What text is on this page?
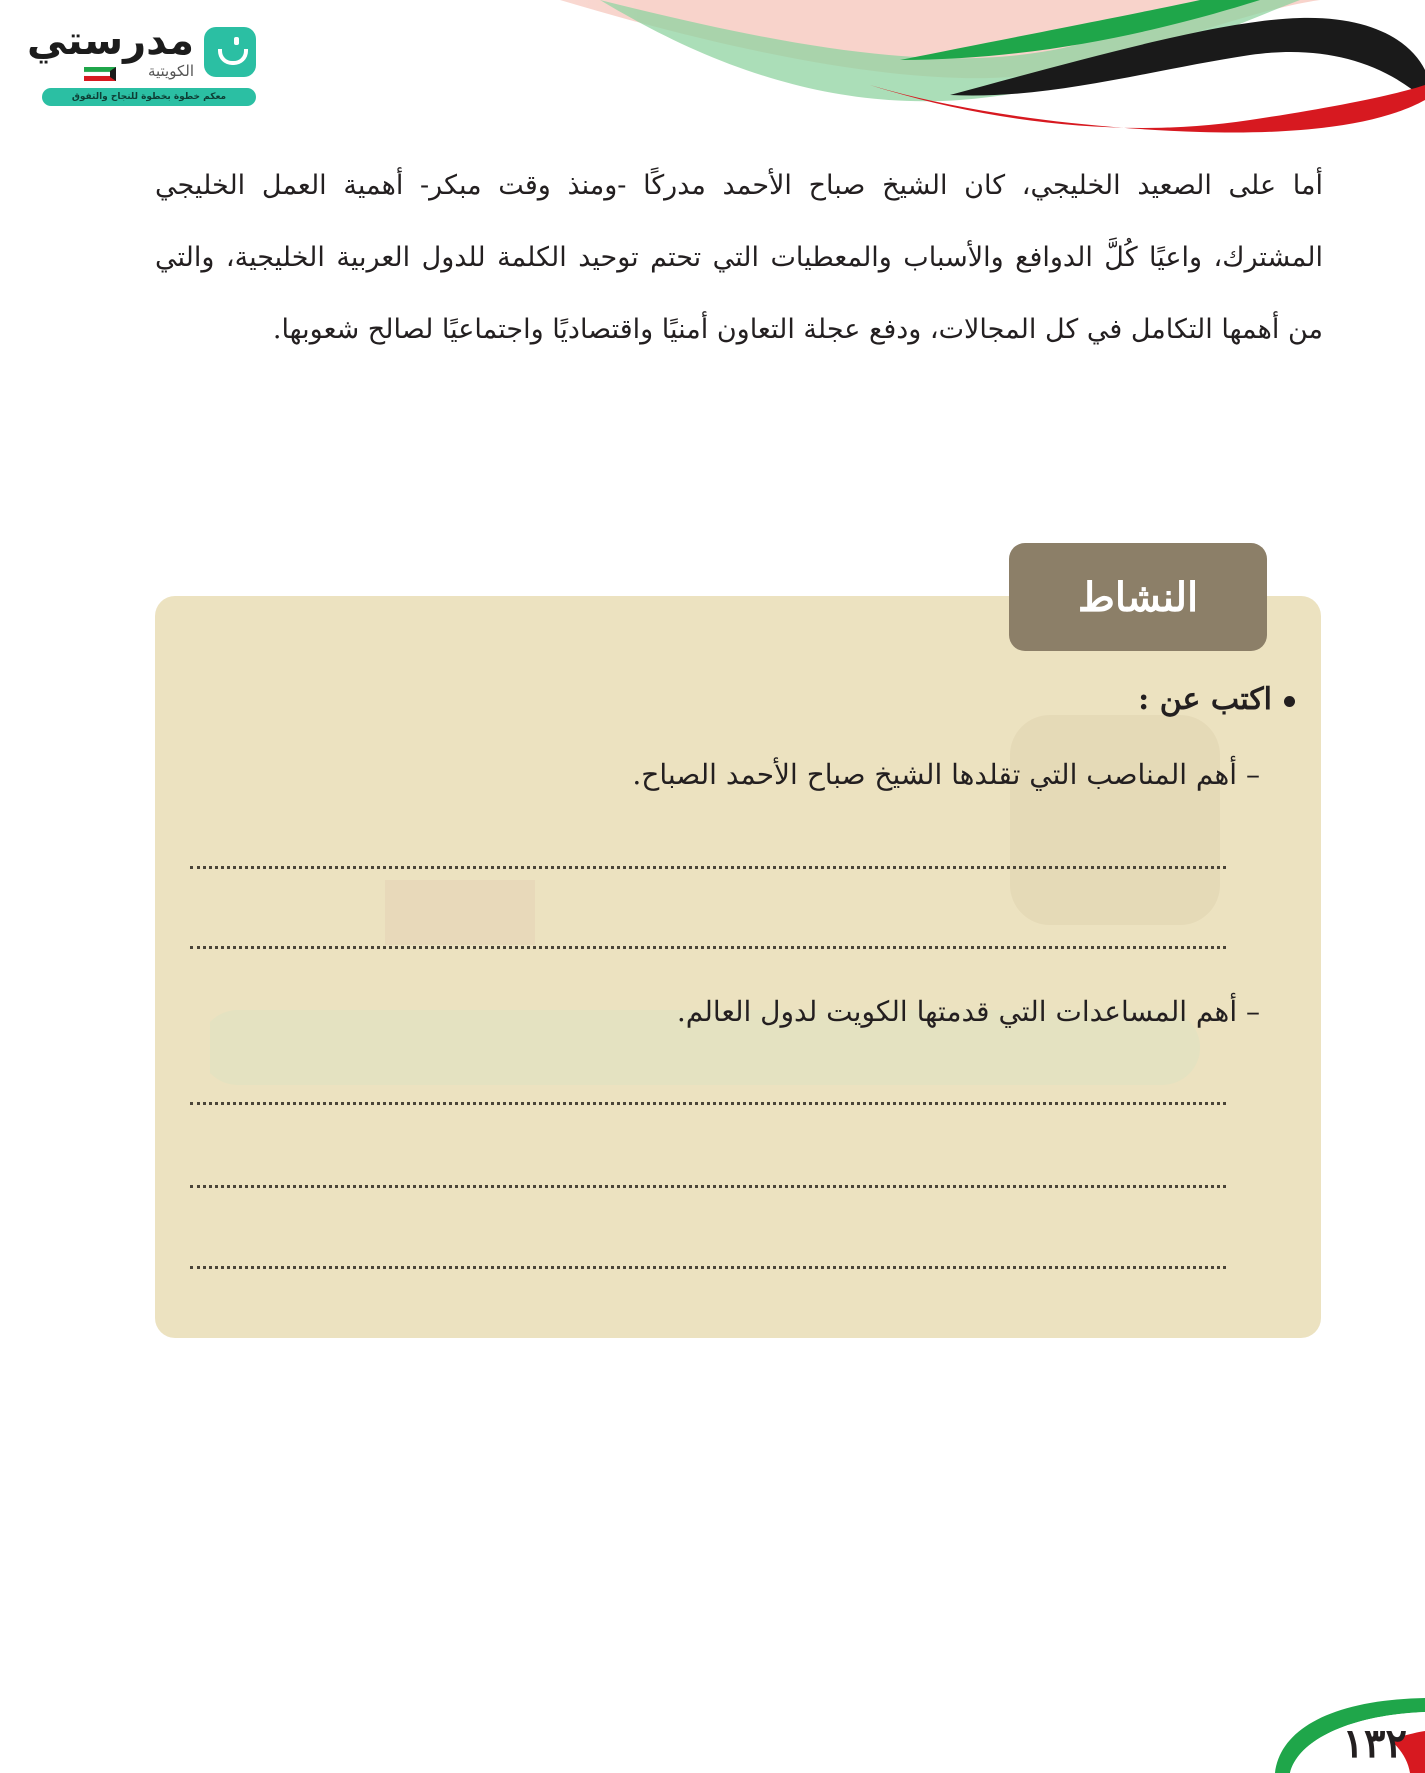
مدرستي
الكويتية
معكم خطوة بخطوة للنجاح والتفوق

أما على الصعيد الخليجي، كان الشيخ صباح الأحمد مدركًا -ومنذ وقت مبكر- أهمية العمل الخليجي المشترك، واعيًا كُلَّ الدوافع والأسباب والمعطيات التي تحتم توحيد الكلمة للدول العربية الخليجية، والتي من أهمها التكامل في كل المجالات، ودفع عجلة التعاون أمنيًا واقتصاديًا واجتماعيًا لصالح شعوبها.

النشاط
اكتب عن :
– أهم المناصب التي تقلدها الشيخ صباح الأحمد الصباح.
– أهم المساعدات التي قدمتها الكويت لدول العالم.
١٣٢
